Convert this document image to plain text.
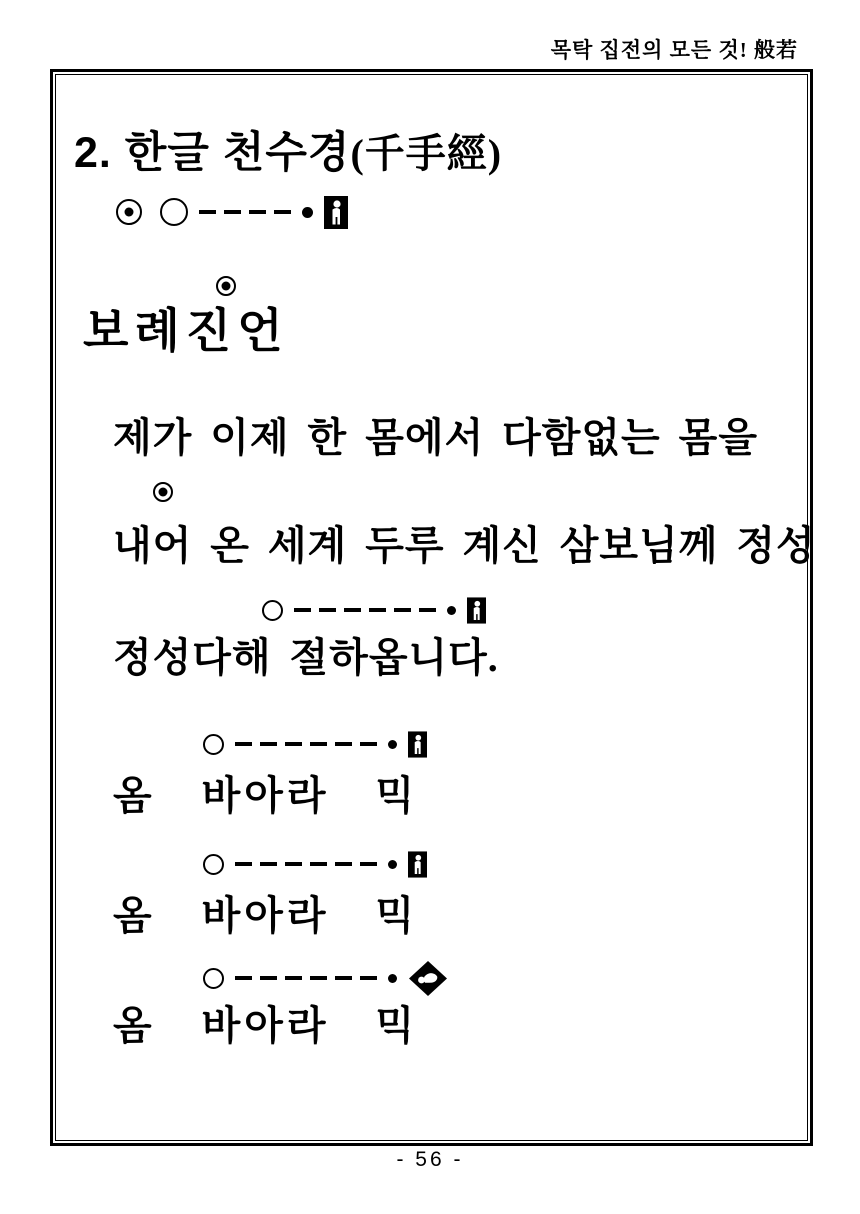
목탁 집전의 모든 것! 般若
2. 한글 천수경(千手經)
보례진언
제가 이제 한 몸에서 다함없는 몸을
내어 온 세계 두루 계신 삼보님께 정성
정성다해 절하옵니다.
옴 바아라 믹
옴 바아라 믹
옴 바아라 믹
- 56 -
